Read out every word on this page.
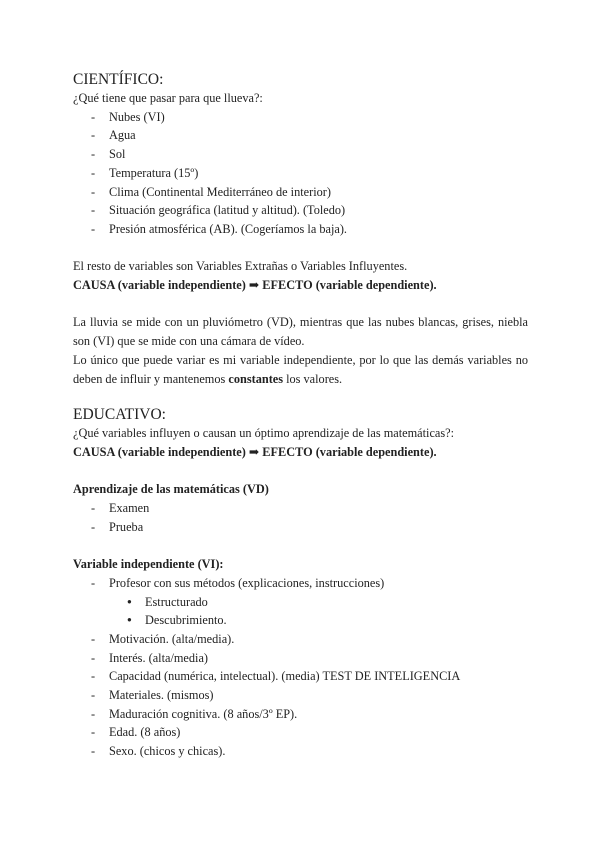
CIENTÍFICO:
¿Qué tiene que pasar para que llueva?:
- Nubes (VI)
- Agua
- Sol
- Temperatura (15º)
- Clima (Continental Mediterráneo de interior)
- Situación geográfica (latitud y altitud). (Toledo)
- Presión atmosférica (AB). (Cogeríamos la baja).
El resto de variables son Variables Extrañas o Variables Influyentes.
CAUSA (variable independiente) ➡ EFECTO (variable dependiente).
La lluvia se mide con un pluviómetro (VD), mientras que las nubes blancas, grises, niebla son (VI) que se mide con una cámara de vídeo.
Lo único que puede variar es mi variable independiente, por lo que las demás variables no deben de influir y mantenemos constantes los valores.
EDUCATIVO:
¿Qué variables influyen o causan un óptimo aprendizaje de las matemáticas?:
CAUSA (variable independiente) ➡ EFECTO (variable dependiente).
Aprendizaje de las matemáticas (VD)
- Examen
- Prueba
Variable independiente (VI):
- Profesor con sus métodos (explicaciones, instrucciones)
● Estructurado
● Descubrimiento.
- Motivación. (alta/media).
- Interés. (alta/media)
- Capacidad (numérica, intelectual). (media) TEST DE INTELIGENCIA
- Materiales. (mismos)
- Maduración cognitiva. (8 años/3º EP).
- Edad. (8 años)
- Sexo. (chicos y chicas).
